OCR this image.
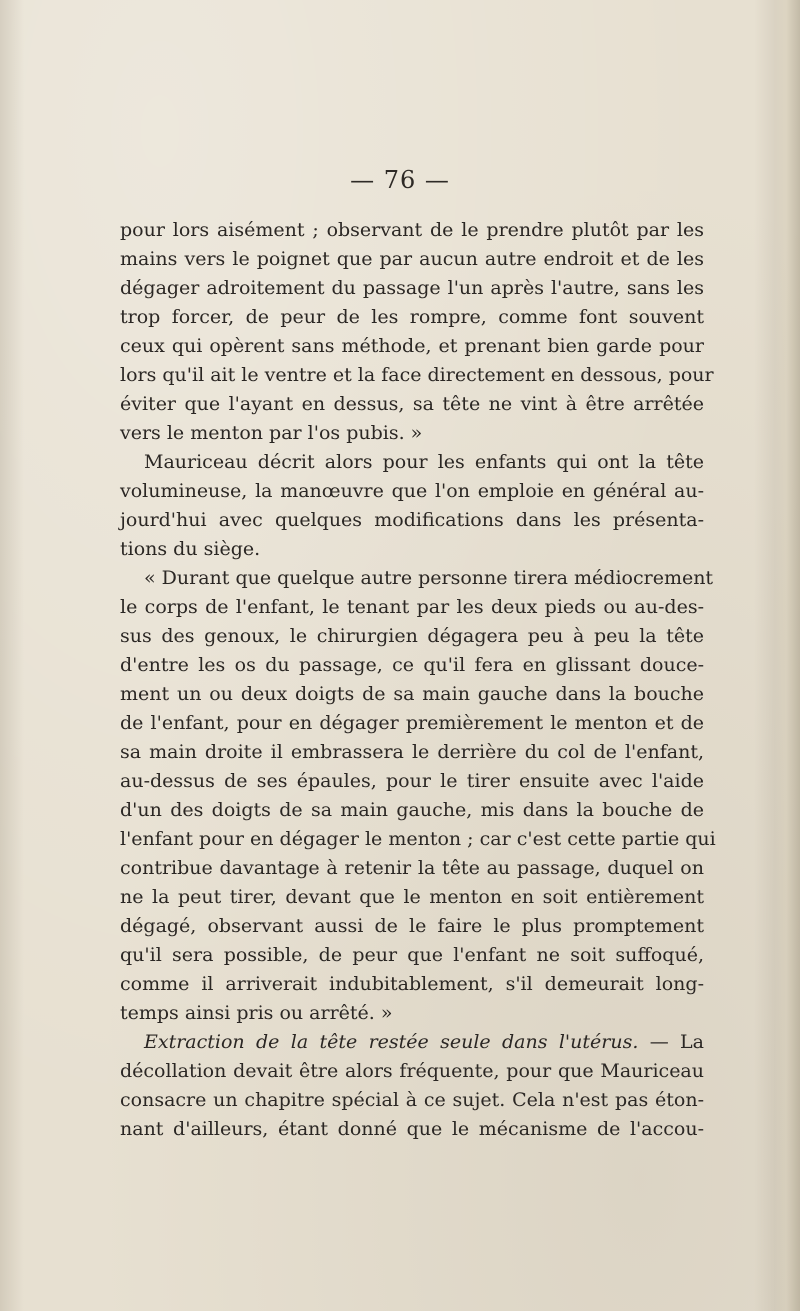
— 76 —
pour lors aisément ; observant de le prendre plutôt par les
mains vers le poignet que par aucun autre endroit et de les
dégager adroitement du passage l'un après l'autre, sans les
trop forcer, de peur de les rompre, comme font souvent
ceux qui opèrent sans méthode, et prenant bien garde pour
lors qu'il ait le ventre et la face directement en dessous, pour
éviter que l'ayant en dessus, sa tête ne vint à être arrêtée
vers le menton par l'os pubis. »
Mauriceau décrit alors pour les enfants qui ont la tête
volumineuse, la manœuvre que l'on emploie en général au-
jourd'hui avec quelques modifications dans les présenta-
tions du siège.
« Durant que quelque autre personne tirera médiocrement
le corps de l'enfant, le tenant par les deux pieds ou au-des-
sus des genoux, le chirurgien dégagera peu à peu la tête
d'entre les os du passage, ce qu'il fera en glissant douce-
ment un ou deux doigts de sa main gauche dans la bouche
de l'enfant, pour en dégager premièrement le menton et de
sa main droite il embrassera le derrière du col de l'enfant,
au-dessus de ses épaules, pour le tirer ensuite avec l'aide
d'un des doigts de sa main gauche, mis dans la bouche de
l'enfant pour en dégager le menton ; car c'est cette partie qui
contribue davantage à retenir la tête au passage, duquel on
ne la peut tirer, devant que le menton en soit entièrement
dégagé, observant aussi de le faire le plus promptement
qu'il sera possible, de peur que l'enfant ne soit suffoqué,
comme il arriverait indubitablement, s'il demeurait long-
temps ainsi pris ou arrêté. »
Extraction de la tête restée seule dans l'utérus. — La
décollation devait être alors fréquente, pour que Mauriceau
consacre un chapitre spécial à ce sujet. Cela n'est pas éton-
nant d'ailleurs, étant donné que le mécanisme de l'accou-
